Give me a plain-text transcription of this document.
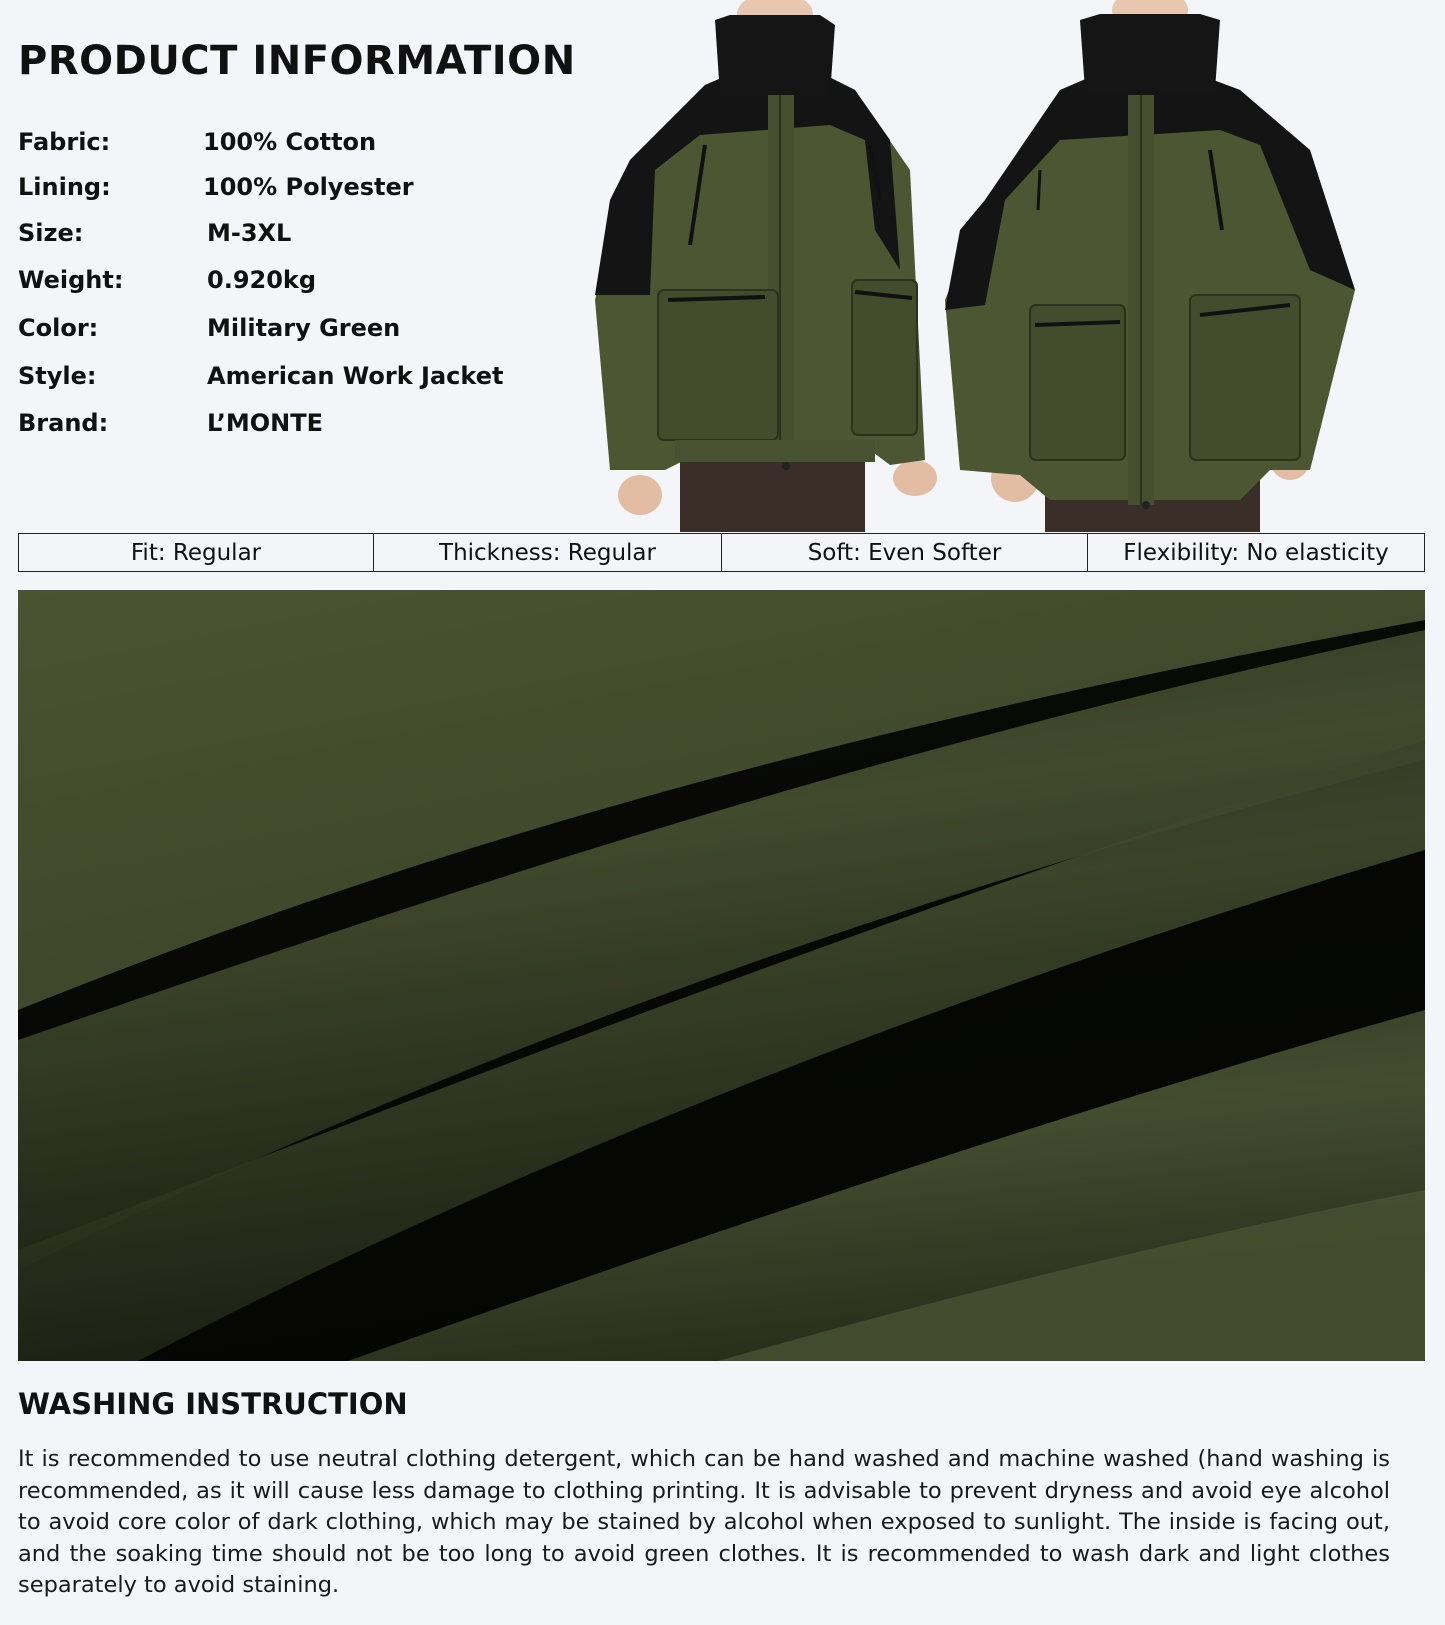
PRODUCT INFORMATION
Fabric:	100% Cotton
Lining:	100% Polyester
Size:	M-3XL
Weight:	0.920kg
Color:	Military Green
Style:	American Work Jacket
Brand:	L’MONTE
Fit: Regular	Thickness: Regular	Soft: Even Softer	Flexibility: No elasticity
WASHING INSTRUCTION

It is recommended to use neutral clothing detergent, which can be hand washed and machine washed (hand washing is recommended, as it will cause less damage to clothing printing. It is advisable to prevent dryness and avoid eye alcohol to avoid core color of dark clothing, which may be stained by alcohol when exposed to sunlight. The inside is facing out, and the soaking time should not be too long to avoid green clothes. It is recommended to wash dark and light clothes separately to avoid staining.
